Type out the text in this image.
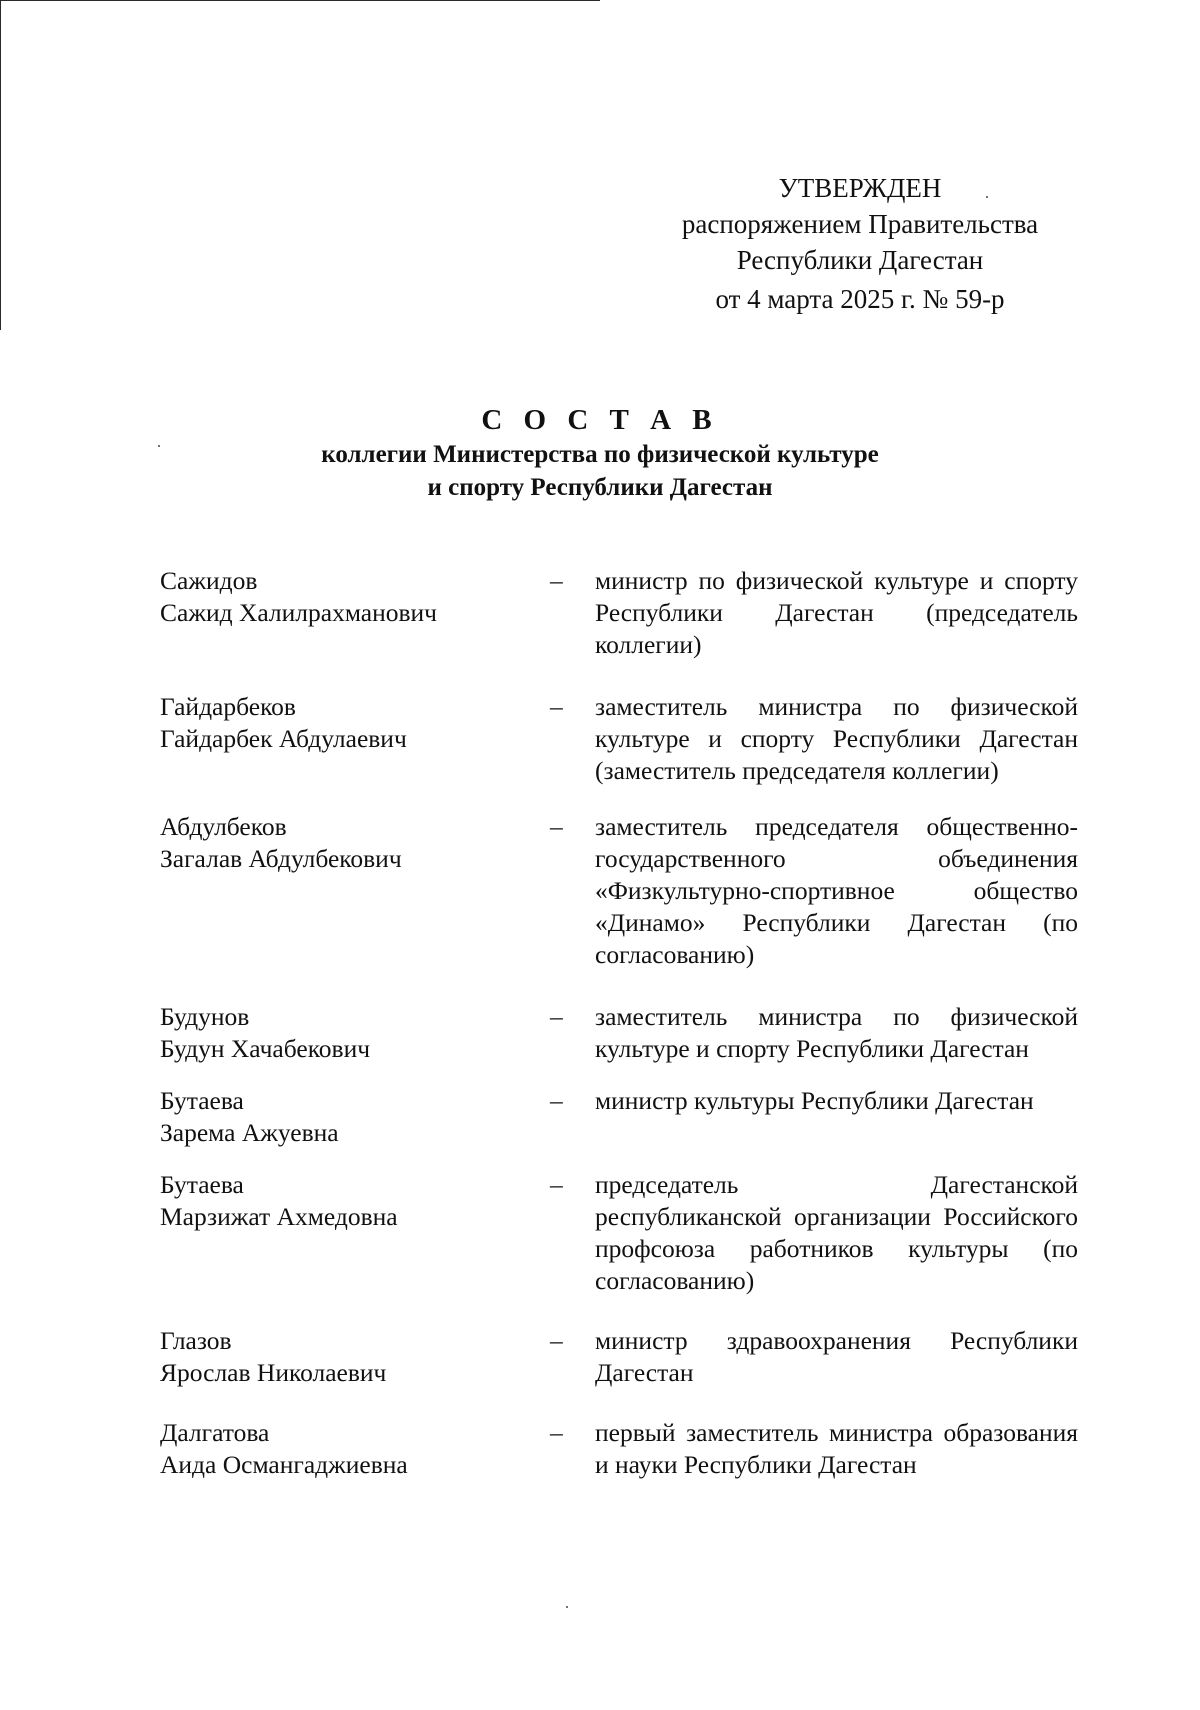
УТВЕРЖДЕН
распоряжением Правительства
Республики Дагестан
от 4 марта 2025 г. № 59-р
С О С Т А В
коллегии Министерства по физической культуре
и спорту Республики Дагестан
Сажидов
Сажид Халилрахманович
–	министр по физической культуре и спорту Республики Дагестан (председатель коллегии)
Гайдарбеков
Гайдарбек Абдулаевич
–	заместитель министра по физической культуре и спорту Республики Дагестан (заместитель председателя коллегии)
Абдулбеков
Загалав Абдулбекович
–	заместитель председателя общественно-государственного объединения «Физкультурно-спортивное общество «Динамо» Республики Дагестан (по согласованию)
Будунов
Будун Хачабекович
–	заместитель министра по физической культуре и спорту Республики Дагестан
Бутаева
Зарема Ажуевна
–	министр культуры Республики Дагестан
Бутаева
Марзижат Ахмедовна
–	председатель Дагестанской республиканской организации Российского профсоюза работников культуры (по согласованию)
Глазов
Ярослав Николаевич
–	министр здравоохранения Республики Дагестан
Далгатова
Аида Османгаджиевна
–	первый заместитель министра образования и науки Республики Дагестан
